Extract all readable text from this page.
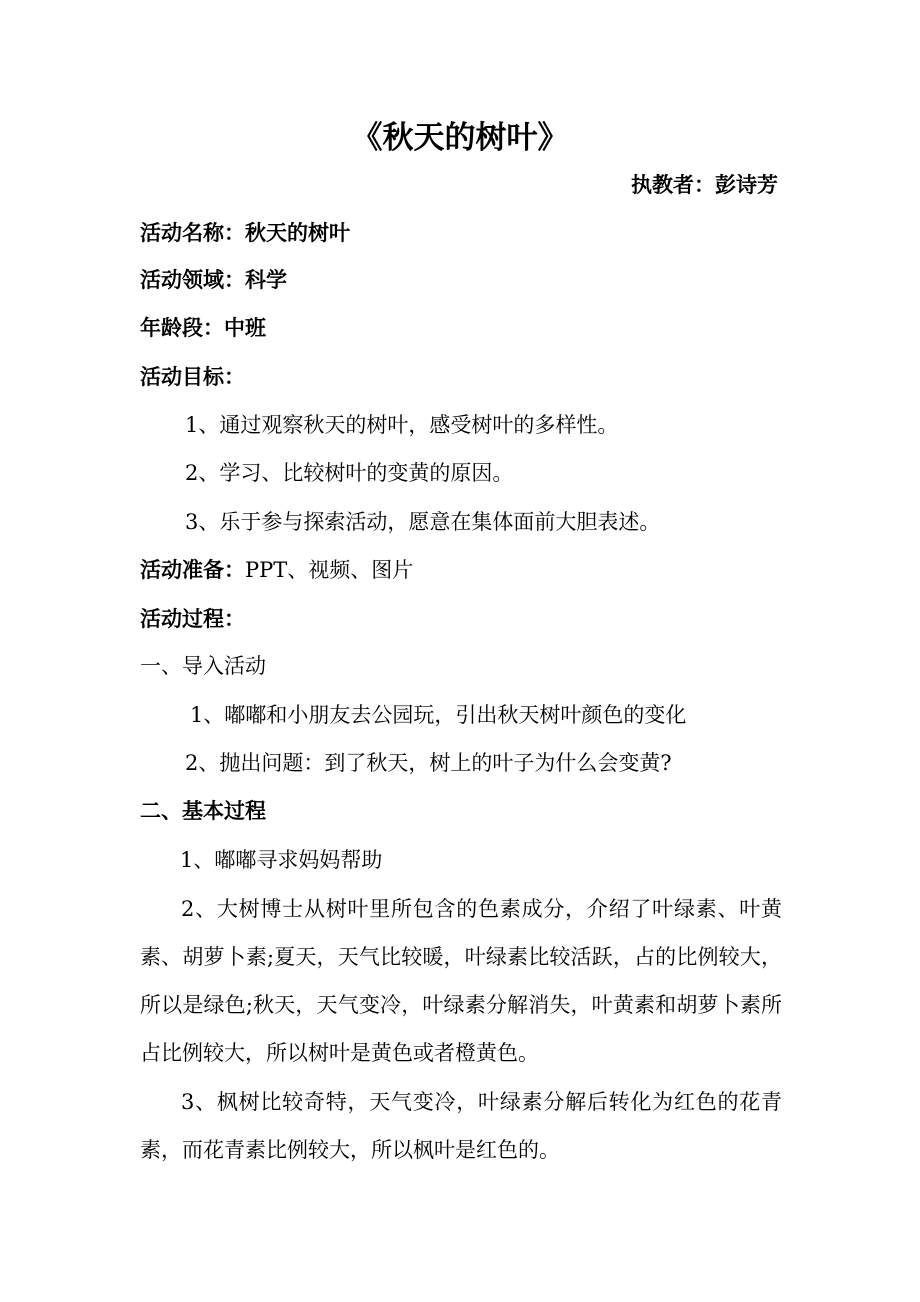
《秋天的树叶》
执教者：彭诗芳
活动名称：秋天的树叶
活动领域：科学
年龄段：中班
活动目标：
1、通过观察秋天的树叶，感受树叶的多样性。
2、学习、比较树叶的变黄的原因。
3、乐于参与探索活动，愿意在集体面前大胆表述。
活动准备：PPT、视频、图片
活动过程：
一、导入活动
1、嘟嘟和小朋友去公园玩，引出秋天树叶颜色的变化
2、抛出问题：到了秋天，树上的叶子为什么会变黄?
二、基本过程
1、嘟嘟寻求妈妈帮助
2、大树博士从树叶里所包含的色素成分，介绍了叶绿素、叶黄素、胡萝卜素;夏天，天气比较暖，叶绿素比较活跃，占的比例较大，所以是绿色;秋天，天气变冷，叶绿素分解消失，叶黄素和胡萝卜素所占比例较大，所以树叶是黄色或者橙黄色。
3、枫树比较奇特，天气变冷，叶绿素分解后转化为红色的花青素，而花青素比例较大，所以枫叶是红色的。
